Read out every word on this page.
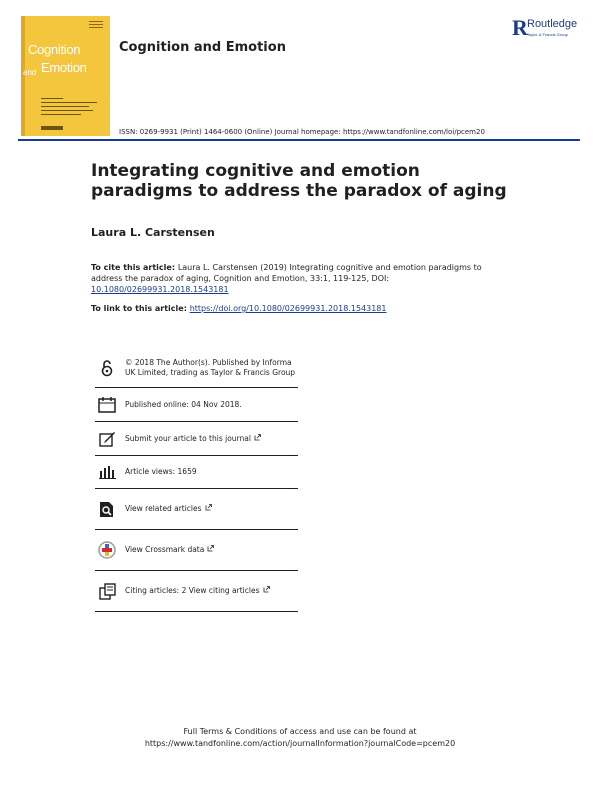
Cognition
and Emotion
Cognition and Emotion
R Routledge
Taylor & Francis Group
ISSN: 0269-9931 (Print) 1464-0600 (Online) Journal homepage: https://www.tandfonline.com/loi/pcem20
Integrating cognitive and emotion paradigms to address the paradox of aging
Laura L. Carstensen
To cite this article: Laura L. Carstensen (2019) Integrating cognitive and emotion paradigms to address the paradox of aging, Cognition and Emotion, 33:1, 119-125, DOI: 10.1080/02699931.2018.1543181
To link to this article: https://doi.org/10.1080/02699931.2018.1543181
© 2018 The Author(s). Published by Informa UK Limited, trading as Taylor & Francis Group
Published online: 04 Nov 2018.
Submit your article to this journal
Article views: 1659
View related articles
View Crossmark data
Citing articles: 2 View citing articles
Full Terms & Conditions of access and use can be found at
https://www.tandfonline.com/action/journalInformation?journalCode=pcem20
